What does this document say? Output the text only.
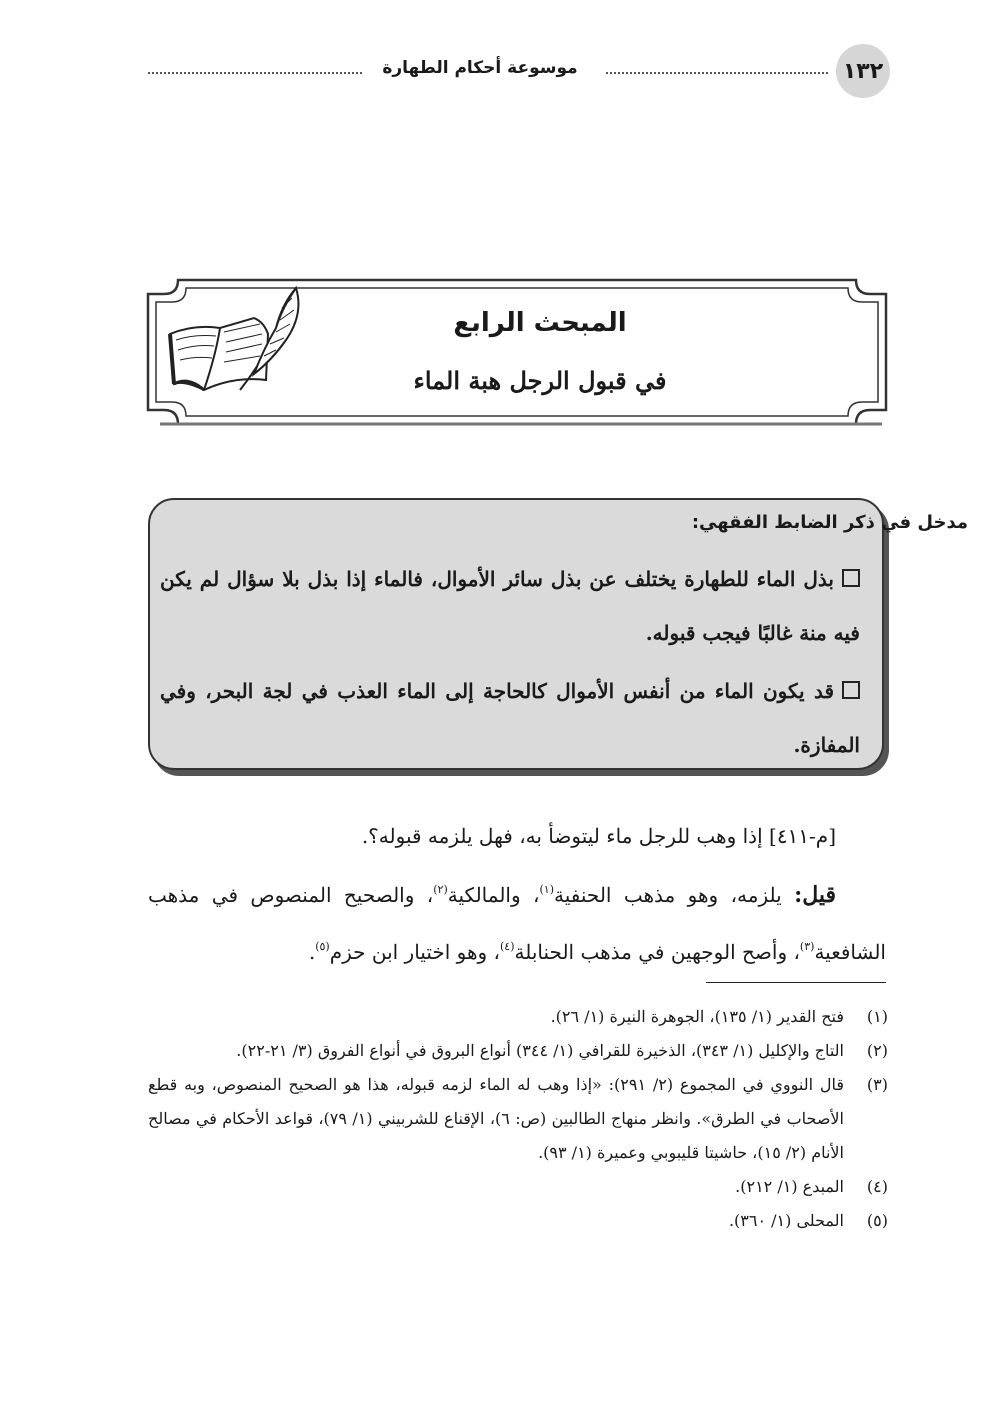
١٣٢
موسوعة أحكام الطهارة
المبحث الرابع
في قبول الرجل هبة الماء
مدخل في ذكر الضابط الفقهي:
بذل الماء للطهارة يختلف عن بذل سائر الأموال، فالماء إذا بذل بلا سؤال لم يكن فيه منة غالبًا فيجب قبوله.
قد يكون الماء من أنفس الأموال كالحاجة إلى الماء العذب في لجة البحر، وفي المفازة.
[م-٤١١] إذا وهب للرجل ماء ليتوضأ به، فهل يلزمه قبوله؟.
قيل: يلزمه، وهو مذهب الحنفية$^{(١)}$، والمالكية$^{(٢)}$، والصحيح المنصوص في مذهب الشافعية$^{(٣)}$، وأصح الوجهين في مذهب الحنابلة$^{(٤)}$، وهو اختيار ابن حزم$^{(٥)}$.
(١)
فتح القدير (١/ ١٣٥)، الجوهرة النيرة (١/ ٢٦).
(٢)
التاج والإكليل (١/ ٣٤٣)، الذخيرة للقرافي (١/ ٣٤٤) أنواع البروق في أنواع الفروق (٣/ ٢١-٢٢).
(٣)
قال النووي في المجموع (٢/ ٢٩١): «إذا وهب له الماء لزمه قبوله، هذا هو الصحيح المنصوص، وبه قطع الأصحاب في الطرق». وانظر منهاج الطالبين (ص: ٦)، الإقناع للشربيني (١/ ٧٩)، قواعد الأحكام في مصالح الأنام (٢/ ١٥)، حاشيتا قليبوبي وعميرة (١/ ٩٣).
(٤)
المبدع (١/ ٢١٢).
(٥)
المحلى (١/ ٣٦٠).
